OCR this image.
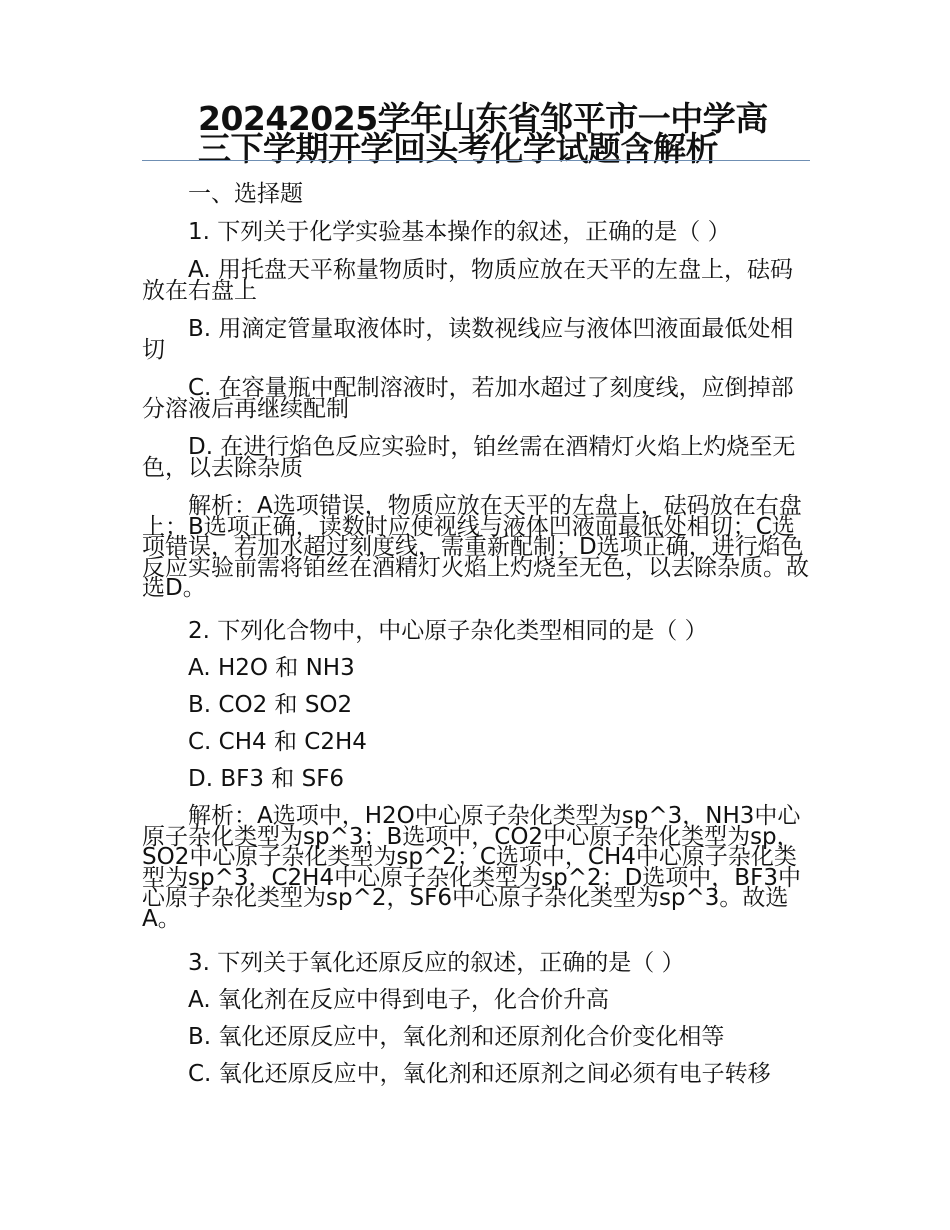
20242025学年山东省邹平市一中学高三下学期开学回头考化学试题含解析

一、选择题

1. 下列关于化学实验基本操作的叙述，正确的是（ ）

A. 用托盘天平称量物质时，物质应放在天平的左盘上，砝码放在右盘上

B. 用滴定管量取液体时，读数视线应与液体凹液面最低处相切

C. 在容量瓶中配制溶液时，若加水超过了刻度线，应倒掉部分溶液后再继续配制

D. 在进行焰色反应实验时，铂丝需在酒精灯火焰上灼烧至无色，以去除杂质

解析：A选项错误，物质应放在天平的左盘上，砝码放在右盘上；B选项正确，读数时应使视线与液体凹液面最低处相切；C选项错误，若加水超过刻度线，需重新配制；D选项正确，进行焰色反应实验前需将铂丝在酒精灯火焰上灼烧至无色，以去除杂质。故选D。

2. 下列化合物中，中心原子杂化类型相同的是（ ）

A. H2O 和 NH3

B. CO2 和 SO2

C. CH4 和 C2H4

D. BF3 和 SF6

解析：A选项中，H2O中心原子杂化类型为sp^3，NH3中心原子杂化类型为sp^3；B选项中，CO2中心原子杂化类型为sp，SO2中心原子杂化类型为sp^2；C选项中，CH4中心原子杂化类型为sp^3，C2H4中心原子杂化类型为sp^2；D选项中，BF3中心原子杂化类型为sp^2，SF6中心原子杂化类型为sp^3。故选A。

3. 下列关于氧化还原反应的叙述，正确的是（ ）

A. 氧化剂在反应中得到电子，化合价升高

B. 氧化还原反应中，氧化剂和还原剂化合价变化相等

C. 氧化还原反应中，氧化剂和还原剂之间必须有电子转移
